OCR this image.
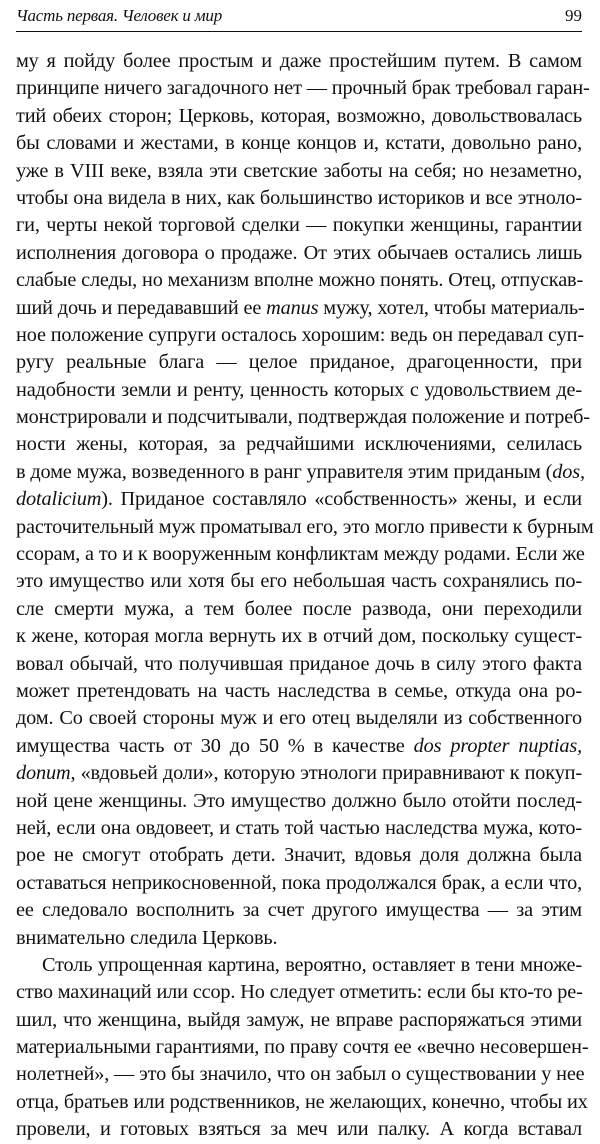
Часть первая. Человек и мир	99
му я пойду более простым и даже простейшим путем. В самом
принципе ничего загадочного нет — прочный брак требовал гаран-
тий обеих сторон; Церковь, которая, возможно, довольствовалась
бы словами и жестами, в конце концов и, кстати, довольно рано,
уже в VIII веке, взяла эти светские заботы на себя; но незаметно,
чтобы она видела в них, как большинство историков и все этноло-
ги, черты некой торговой сделки — покупки женщины, гарантии
исполнения договора о продаже. От этих обычаев остались лишь
слабые следы, но механизм вполне можно понять. Отец, отпускав-
ший дочь и передававший ее manus мужу, хотел, чтобы материаль-
ное положение супруги осталось хорошим: ведь он передавал суп-
ругу реальные блага — целое приданое, драгоценности, при
надобности земли и ренту, ценность которых с удовольствием де-
монстрировали и подсчитывали, подтверждая положение и потреб-
ности жены, которая, за редчайшими исключениями, селилась
в доме мужа, возведенного в ранг управителя этим приданым (dos,
dotalicium). Приданое составляло «собственность» жены, и если
расточительный муж проматывал его, это могло привести к бурным
ссорам, а то и к вооруженным конфликтам между родами. Если же
это имущество или хотя бы его небольшая часть сохранялись по-
сле смерти мужа, а тем более после развода, они переходили
к жене, которая могла вернуть их в отчий дом, поскольку сущест-
вовал обычай, что получившая приданое дочь в силу этого факта
может претендовать на часть наследства в семье, откуда она ро-
дом. Со своей стороны муж и его отец выделяли из собственного
имущества часть от 30 до 50 % в качестве dos propter nuptias,
donum, «вдовьей доли», которую этнологи приравнивают к покуп-
ной цене женщины. Это имущество должно было отойти послед-
ней, если она овдовеет, и стать той частью наследства мужа, кото-
рое не смогут отобрать дети. Значит, вдовья доля должна была
оставаться неприкосновенной, пока продолжался брак, а если что,
ее следовало восполнить за счет другого имущества — за этим
внимательно следила Церковь.
Столь упрощенная картина, вероятно, оставляет в тени множе-
ство махинаций или ссор. Но следует отметить: если бы кто-то ре-
шил, что женщина, выйдя замуж, не вправе распоряжаться этими
материальными гарантиями, по праву сочтя ее «вечно несовершен-
нолетней», — это бы значило, что он забыл о существовании у нее
отца, братьев или родственников, не желающих, конечно, чтобы их
провели, и готовых взяться за меч или палку. А когда вставал
